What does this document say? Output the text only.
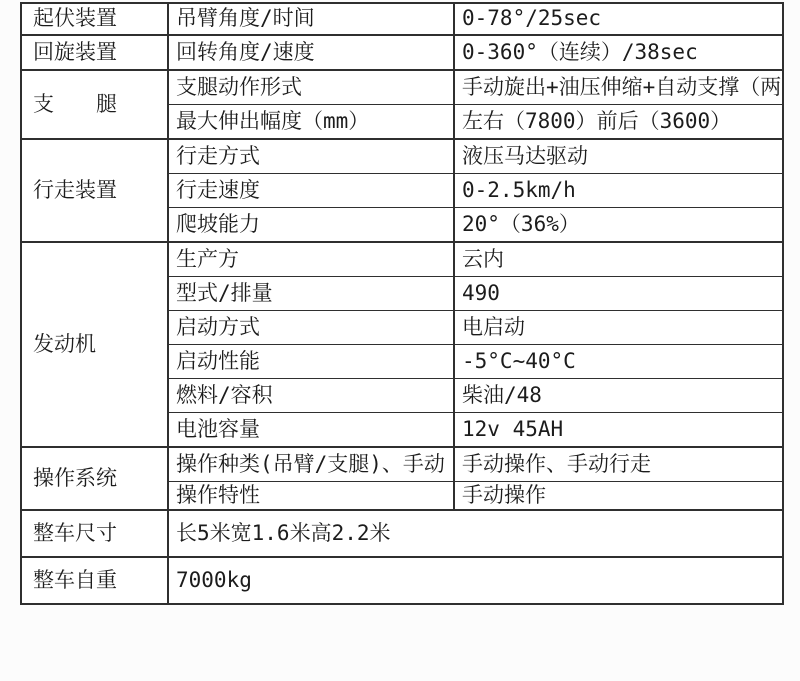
起伏装置	吊臂角度/时间	0-78°/25sec
回旋装置	回转角度/速度	0-360°（连续）/38sec
支　　腿	支腿动作形式	手动旋出+油压伸缩+自动支撑（两
	最大伸出幅度（mm）	左右（7800）前后（3600）
行走装置	行走方式	液压马达驱动
	行走速度	0-2.5km/h
	爬坡能力	20°（36%）
发动机	生产方	云内
	型式/排量	490
	启动方式	电启动
	启动性能	-5°C~40°C
	燃料/容积	柴油/48
	电池容量	12v 45AH
操作系统	操作种类(吊臂/支腿)、手动	手动操作、手动行走
	操作特性	手动操作
整车尺寸	长5米宽1.6米高2.2米	
整车自重	7000kg	
